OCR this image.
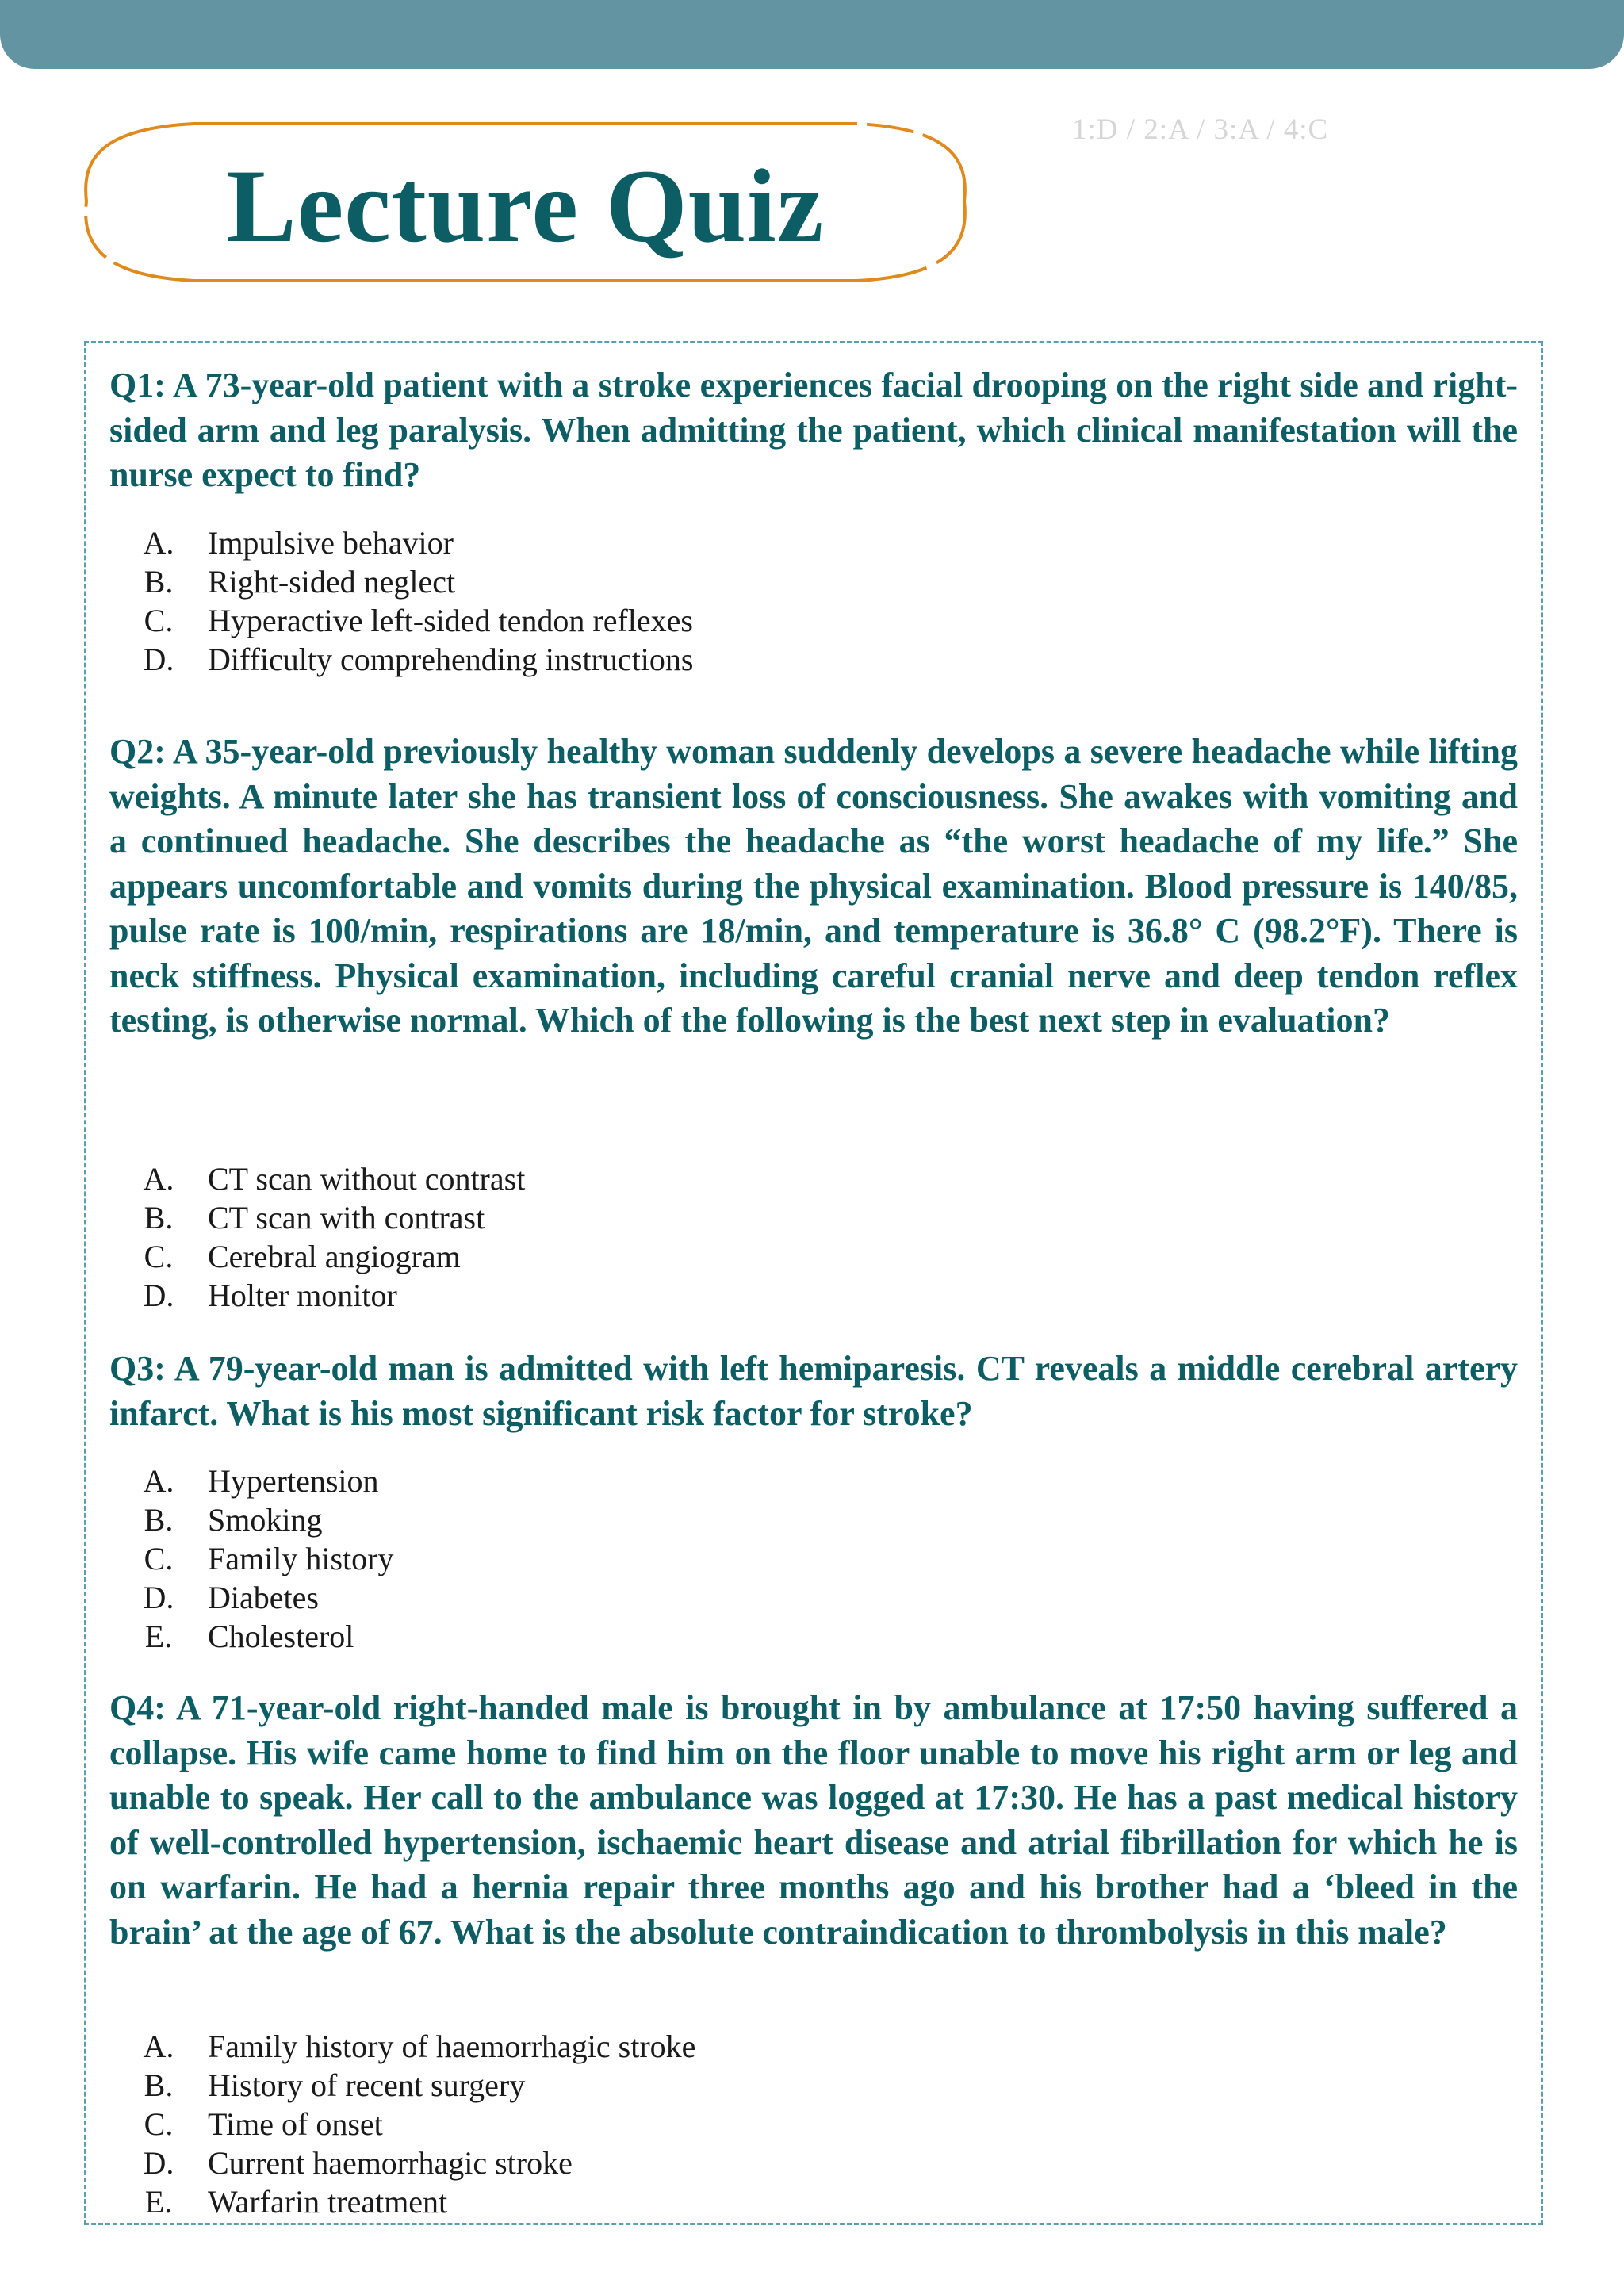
Lecture Quiz
1:D / 2:A / 3:A / 4:C

Q1: A 73-year-old patient with a stroke experiences facial drooping on the right side and right-sided arm and leg paralysis. When admitting the patient, which clinical manifestation will the nurse expect to find?

A.	Impulsive behavior
B.	Right-sided neglect
C.	Hyperactive left-sided tendon reflexes
D.	Difficulty comprehending instructions

Q2: A 35-year-old previously healthy woman suddenly develops a severe headache while lifting weights. A minute later she has transient loss of consciousness. She awakes with vomiting and a continued headache. She describes the headache as “the worst headache of my life.” She appears uncomfortable and vomits during the physical examination. Blood pressure is 140/85, pulse rate is 100/min, respirations are 18/min, and temperature is 36.8° C (98.2°F). There is neck stiffness. Physical examination, including careful cranial nerve and deep tendon reflex testing, is otherwise normal. Which of the following is the best next step in evaluation?

A.	CT scan without contrast
B.	CT scan with contrast
C.	Cerebral angiogram
D.	Holter monitor

Q3: A 79-year-old man is admitted with left hemiparesis. CT reveals a middle cerebral artery infarct. What is his most significant risk factor for stroke?

A.	Hypertension
B.	Smoking
C.	Family history
D.	Diabetes
E.	Cholesterol

Q4: A 71-year-old right-handed male is brought in by ambulance at 17:50 having suffered a collapse. His wife came home to find him on the floor unable to move his right arm or leg and unable to speak. Her call to the ambulance was logged at 17:30. He has a past medical history of well-controlled hypertension, ischaemic heart disease and atrial fibrillation for which he is on warfarin. He had a hernia repair three months ago and his brother had a ‘bleed in the brain’ at the age of 67. What is the absolute contraindication to thrombolysis in this male?

A.	Family history of haemorrhagic stroke
B.	History of recent surgery
C.	Time of onset
D.	Current haemorrhagic stroke
E.	Warfarin treatment
